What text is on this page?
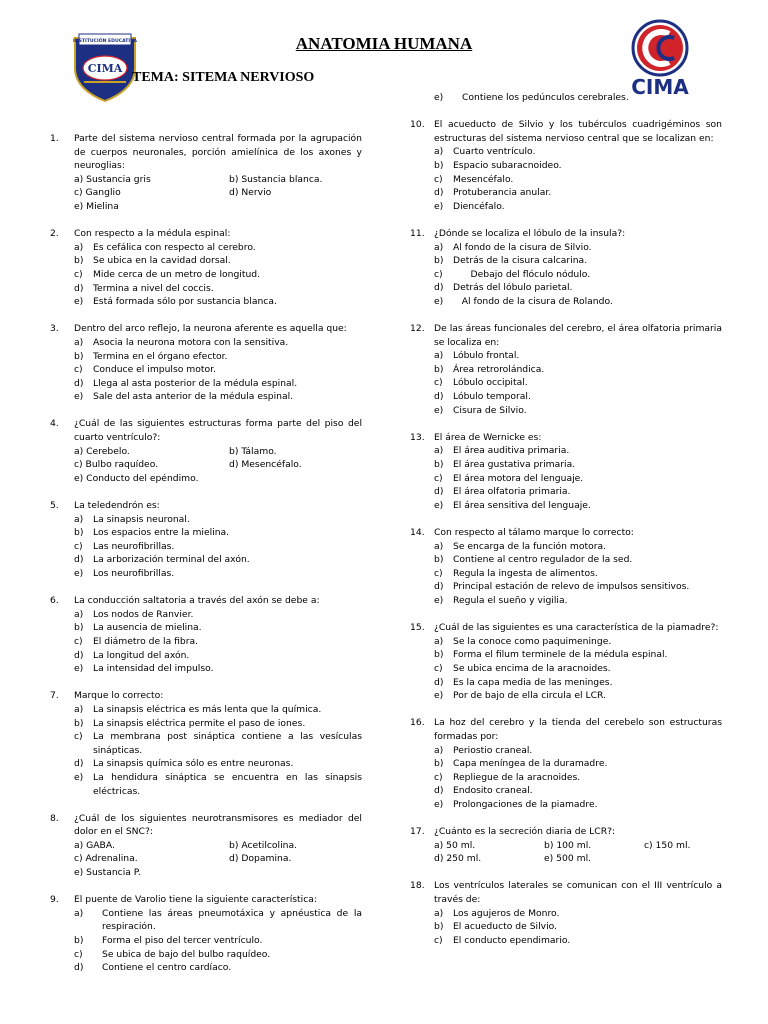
INSTITUCIÓN EDUCATIVA
CIMA
CIMA
ANATOMIA HUMANA
TEMA: SITEMA NERVIOSO
1.	Parte del sistema nervioso central formada por la agrupación de cuerpos neuronales, porción amielínica de los axones y neuroglias:
a) Sustancia gris	b) Sustancia blanca.
c) Ganglio	d) Nervio
e) Mielina
2.	Con respecto a la médula espinal:
a)	Es cefálica con respecto al cerebro.
b)	Se ubica en la cavidad dorsal.
c)	Mide cerca de un metro de longitud.
d)	Termina a nivel del coccis.
e)	Está formada sólo por sustancia blanca.
3.	Dentro del arco reflejo, la neurona aferente es aquella que:
a)	Asocia la neurona motora con la sensitiva.
b)	Termina en el órgano efector.
c)	Conduce el impulso motor.
d)	Llega al asta posterior de la médula espinal.
e)	Sale del asta anterior de la médula espinal.
4.	¿Cuál de las siguientes estructuras forma parte del piso del cuarto ventrículo?:
a) Cerebelo.	b) Tálamo.
c) Bulbo raquídeo.	d) Mesencéfalo.
e) Conducto del epéndimo.
5.	La teledendrón es:
a)	La sinapsis neuronal.
b)	Los espacios entre la mielina.
c)	Las neurofibrillas.
d)	La arborización terminal del axón.
e)	Los neurofibrillas.
6.	La conducción saltatoria a través del axón se debe a:
a)	Los nodos de Ranvier.
b)	La ausencia de mielina.
c)	El diámetro de la fibra.
d)	La longitud del axón.
e)	La intensidad del impulso.
7.	Marque lo correcto:
a)	La sinapsis eléctrica es más lenta que la química.
b)	La sinapsis eléctrica permite el paso de iones.
c)	La membrana post sináptica contiene a las vesículas sinápticas.
d)	La sinapsis química sólo es entre neuronas.
e)	La hendidura sináptica se encuentra en las sinapsis eléctricas.
8.	¿Cuál de los siguientes neurotransmisores es mediador del dolor en el SNC?:
a) GABA.	b) Acetilcolina.
c) Adrenalina.	d) Dopamina.
e) Sustancia P.
9.	El puente de Varolio tiene la siguiente característica:
a)	Contiene las áreas pneumotáxica y apnéustica de la respiración.
b)	Forma el piso del tercer ventrículo.
c)	Se ubica de bajo del bulbo raquídeo.
d)	Contiene el centro cardíaco.
e)	Contiene los pedúnculos cerebrales.
10.	El acueducto de Silvio y los tubérculos cuadrigéminos son estructuras del sistema nervioso central que se localizan en:
a)	Cuarto ventrículo.
b)	Espacio subaracnoideo.
c)	Mesencéfalo.
d)	Protuberancia anular.
e)	Diencéfalo.
11.	¿Dónde se localiza el lóbulo de la insula?:
a)	Al fondo de la cisura de Silvio.
b)	Detrás de la cisura calcarina.
c)	Debajo del flóculo nódulo.
d)	Detrás del lóbulo parietal.
e)	Al fondo de la cisura de Rolando.
12.	De las áreas funcionales del cerebro, el área olfatoria primaria se localiza en:
a)	Lóbulo frontal.
b)	Área retrorolándica.
c)	Lóbulo occipital.
d)	Lóbulo temporal.
e)	Cisura de Silvio.
13.	El área de Wernicke es:
a)	El área auditiva primaria.
b)	El área gustativa primaria.
c)	El área motora del lenguaje.
d)	El área olfatoria primaria.
e)	El área sensitiva del lenguaje.
14.	Con respecto al tálamo marque lo correcto:
a)	Se encarga de la función motora.
b)	Contiene al centro regulador de la sed.
c)	Regula la ingesta de alimentos.
d)	Principal estación de relevo de impulsos sensitivos.
e)	Regula el sueño y vigilia.
15.	¿Cuál de las siguientes es una característica de la piamadre?:
a)	Se la conoce como paquimeninge.
b)	Forma el filum terminele de la médula espinal.
c)	Se ubica encima de la aracnoides.
d)	Es la capa media de las meninges.
e)	Por de bajo de ella circula el LCR.
16.	La hoz del cerebro y la tienda del cerebelo son estructuras formadas por:
a)	Periostio craneal.
b)	Capa meníngea de la duramadre.
c)	Repliegue de la aracnoides.
d)	Endosito craneal.
e)	Prolongaciones de la piamadre.
17.	¿Cuánto es la secreción diaria de LCR?:
a) 50 ml.	b) 100 ml.	c) 150 ml.
d) 250 ml.	e) 500 ml.
18.	Los ventrículos laterales se comunican con el III ventrículo a través de:
a)	Los agujeros de Monro.
b)	El acueducto de Silvio.
c)	El conducto ependimario.
